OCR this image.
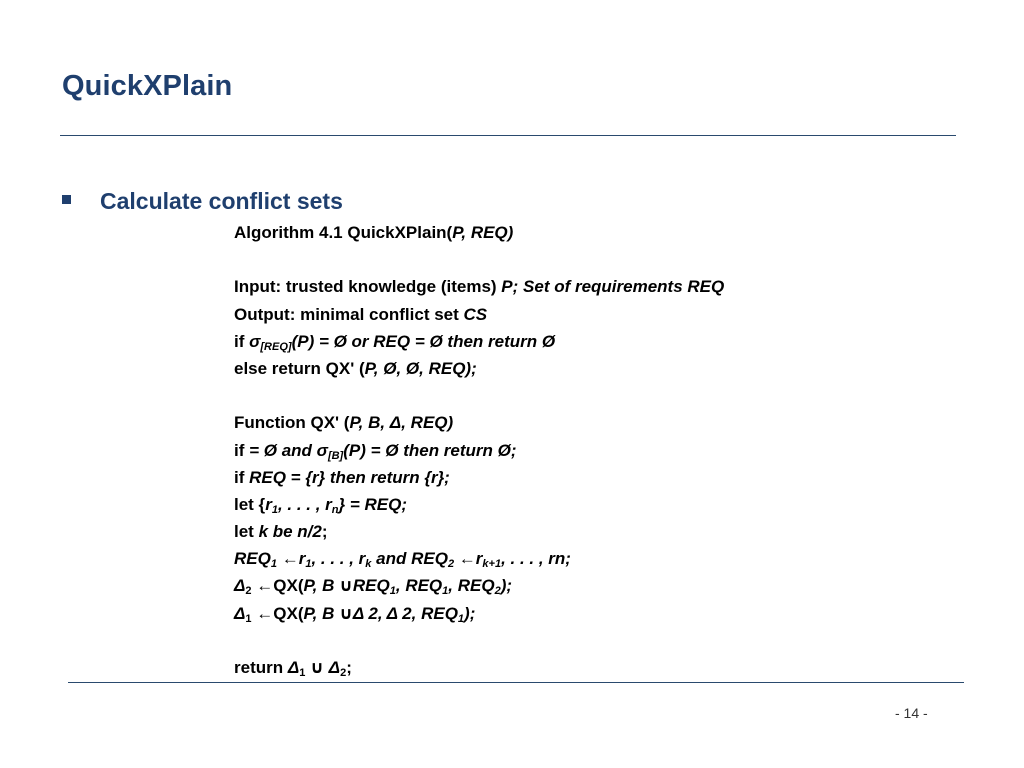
QuickXPlain
Calculate conflict sets
Algorithm 4.1 QuickXPlain(P, REQ)
Input: trusted knowledge (items) P; Set of requirements REQ
Output: minimal conflict set CS
if $\sigma_{[REQ]}(P)$ = Ø or REQ = Ø then return Ø
else return QX' (P, Ø, Ø, REQ);
Function QX' (P, B, Δ, REQ)
if = Ø and $\sigma_{[B]}(P)$ = Ø then return Ø;
if REQ = {r} then return {r};
let {$r_1$, . . . , $r_n$} = REQ;
let k be n/2;
$REQ_1$ $\leftarrow r_1$, . . . , $r_k$ and $REQ_2$ $\leftarrow r_{k+1}$, . . . , rn;
$\Delta_2$ ←QX(P, B $\cup REQ_1$, $REQ_1$, $REQ_2$);
$\Delta_1$ ←QX(P, B ∪Δ 2, Δ 2, $REQ_1$);
return $\Delta_1$ ∪ $\Delta_2$;
- 14 -
